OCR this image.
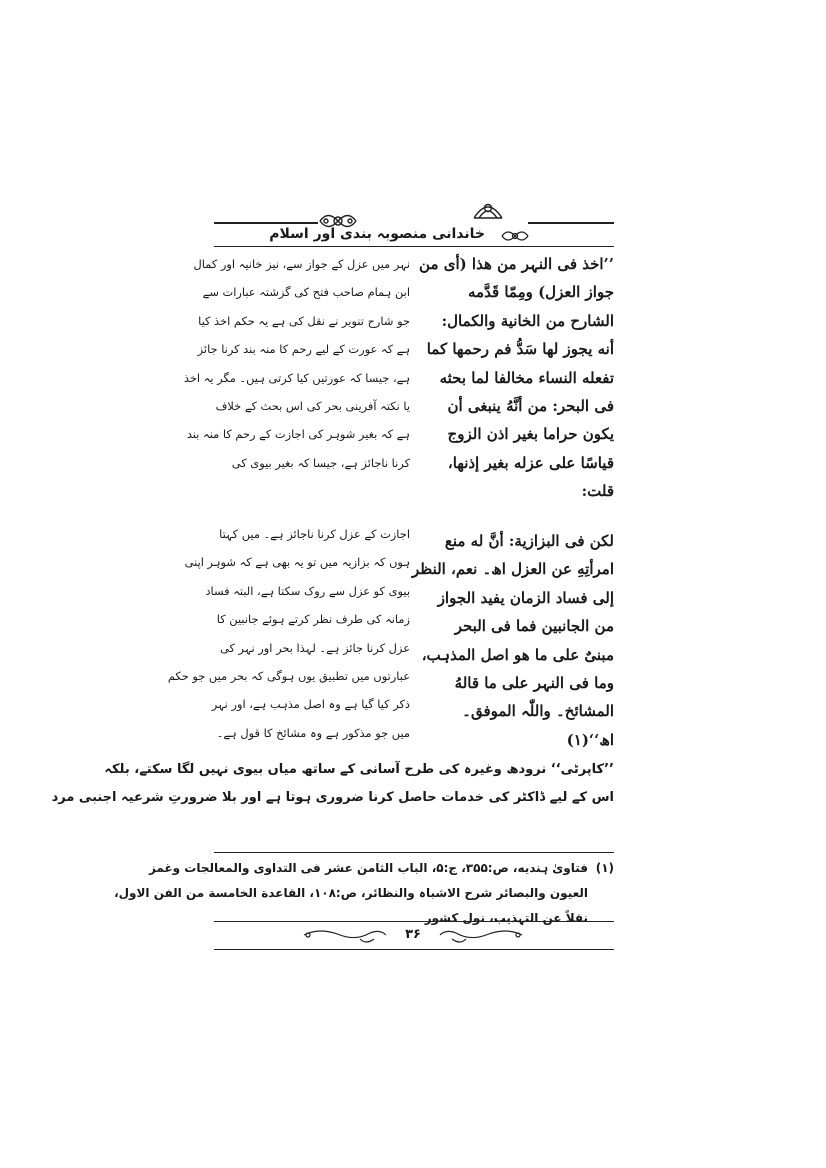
خاندانی منصوبہ بندی اور اسلام

’’اخذ فی النہر من ھذا (أی من

جواز العزل) ومِمّا قَدَّمه

الشارح من الخانية والكمال:

أنه يجوز لها سَدُّ فم رحمها كما

تفعله النساء مخالفا لما بحثه

فی البحر: من أنَّهُ ینبغی أن

یکون حراما بغیر اذن الزوج

قیاسًا علی عزله بغیر إذنها،

قلت:

نہر میں عزل کے جواز سے، نیز خانیہ اور کمال

ابن ہمام صاحب فتح کی گزشتہ عبارات سے

جو شارح تنویر نے نقل کی ہے یہ حکم اخذ کیا

ہے کہ عورت کے لیے رحم کا منہ بند کرنا جائز

ہے، جیسا کہ عورتیں کیا کرتی ہیں۔ مگر یہ اخذ

یا نکتہ آفرینی بحر کی اس بحث کے خلاف

ہے کہ بغیر شوہر کی اجازت کے رحم کا منہ بند

کرنا ناجائز ہے، جیسا کہ بغیر بیوی کی

لکن فی البزازية: أنَّ له منع

امرأتِهِ عن العزل اھ۔ نعم، النظر

إلی فساد الزمان یفید الجواز

من الجانبین فما فی البحر

مبنیٌ علی ما ھو اصل المذہب،

وما فی النہر علی ما قالهُ

المشائخ۔ واللّٰہ الموفق۔

اھ‘‘(۱)

اجازت کے عزل کرنا ناجائز ہے۔ میں کہتا

ہوں کہ بزازیہ میں تو یہ بھی ہے کہ شوہر اپنی

بیوی کو عزل سے روک سکتا ہے، البتہ فساد

زمانہ کی طرف نظر کرتے ہوئے جانبین کا

عزل کرنا جائز ہے۔ لہذا بحر اور نہر کی

عبارتوں میں تطبیق یوں ہوگی کہ بحر میں جو حکم

ذکر کیا گیا ہے وہ اصل مذہب ہے، اور نہر

میں جو مذکور ہے وہ مشائخ کا قول ہے۔

’’کاپرٹی‘‘ نرودھ وغیرہ کی طرح آسانی کے ساتھ میاں بیوی نہیں لگا سکتے، بلکہ

اس کے لیے ڈاکٹر کی خدمات حاصل کرنا ضروری ہوتا ہے اور بلا ضرورتِ شرعیہ اجنبی مرد

(۱)فتاویٰ ہندیه، ص:۳۵۵، ج:۵، الباب الثامن عشر فی التداوی والمعالجات وغمز

العیون والبصائر شرح الاشباہ والنظائر، ص:۱۰۸، القاعدة الخامسة من الفن الاول،

نقلاً عن التہذیب، نول کشور

۳۶
